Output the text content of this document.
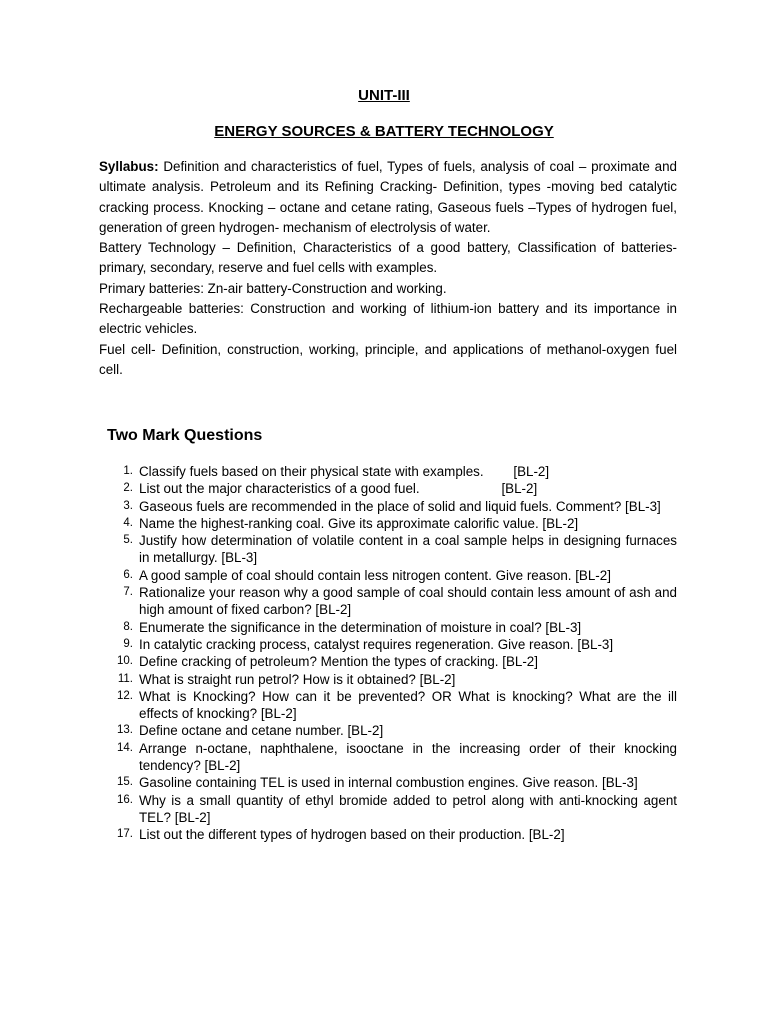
UNIT-III
ENERGY SOURCES & BATTERY TECHNOLOGY

Syllabus: Definition and characteristics of fuel, Types of fuels, analysis of coal – proximate and ultimate analysis. Petroleum and its Refining Cracking- Definition, types -moving bed catalytic cracking process. Knocking – octane and cetane rating, Gaseous fuels –Types of hydrogen fuel, generation of green hydrogen- mechanism of electrolysis of water.

Battery Technology – Definition, Characteristics of a good battery, Classification of batteries- primary, secondary, reserve and fuel cells with examples.

Primary batteries: Zn-air battery-Construction and working.

Rechargeable batteries: Construction and working of lithium-ion battery and its importance in electric vehicles.

Fuel cell- Definition, construction, working, principle, and applications of methanol-oxygen fuel cell.

Two Mark Questions
1. Classify fuels based on their physical state with examples.        [BL-2]
2. List out the major characteristics of a good fuel.                      [BL-2]
3. Gaseous fuels are recommended in the place of solid and liquid fuels. Comment? [BL-3]
4. Name the highest-ranking coal. Give its approximate calorific value. [BL-2]
5. Justify how determination of volatile content in a coal sample helps in designing furnaces in metallurgy. [BL-3]
6. A good sample of coal should contain less nitrogen content. Give reason. [BL-2]
7. Rationalize your reason why a good sample of coal should contain less amount of ash and high amount of fixed carbon? [BL-2]
8. Enumerate the significance in the determination of moisture in coal? [BL-3]
9. In catalytic cracking process, catalyst requires regeneration. Give reason. [BL-3]
10. Define cracking of petroleum? Mention the types of cracking. [BL-2]
11. What is straight run petrol? How is it obtained? [BL-2]
12. What is Knocking? How can it be prevented? OR What is knocking? What are the ill effects of knocking? [BL-2]
13. Define octane and cetane number. [BL-2]
14. Arrange n-octane, naphthalene, isooctane in the increasing order of their knocking tendency? [BL-2]
15. Gasoline containing TEL is used in internal combustion engines. Give reason. [BL-3]
16. Why is a small quantity of ethyl bromide added to petrol along with anti-knocking agent TEL? [BL-2]
17. List out the different types of hydrogen based on their production. [BL-2]
